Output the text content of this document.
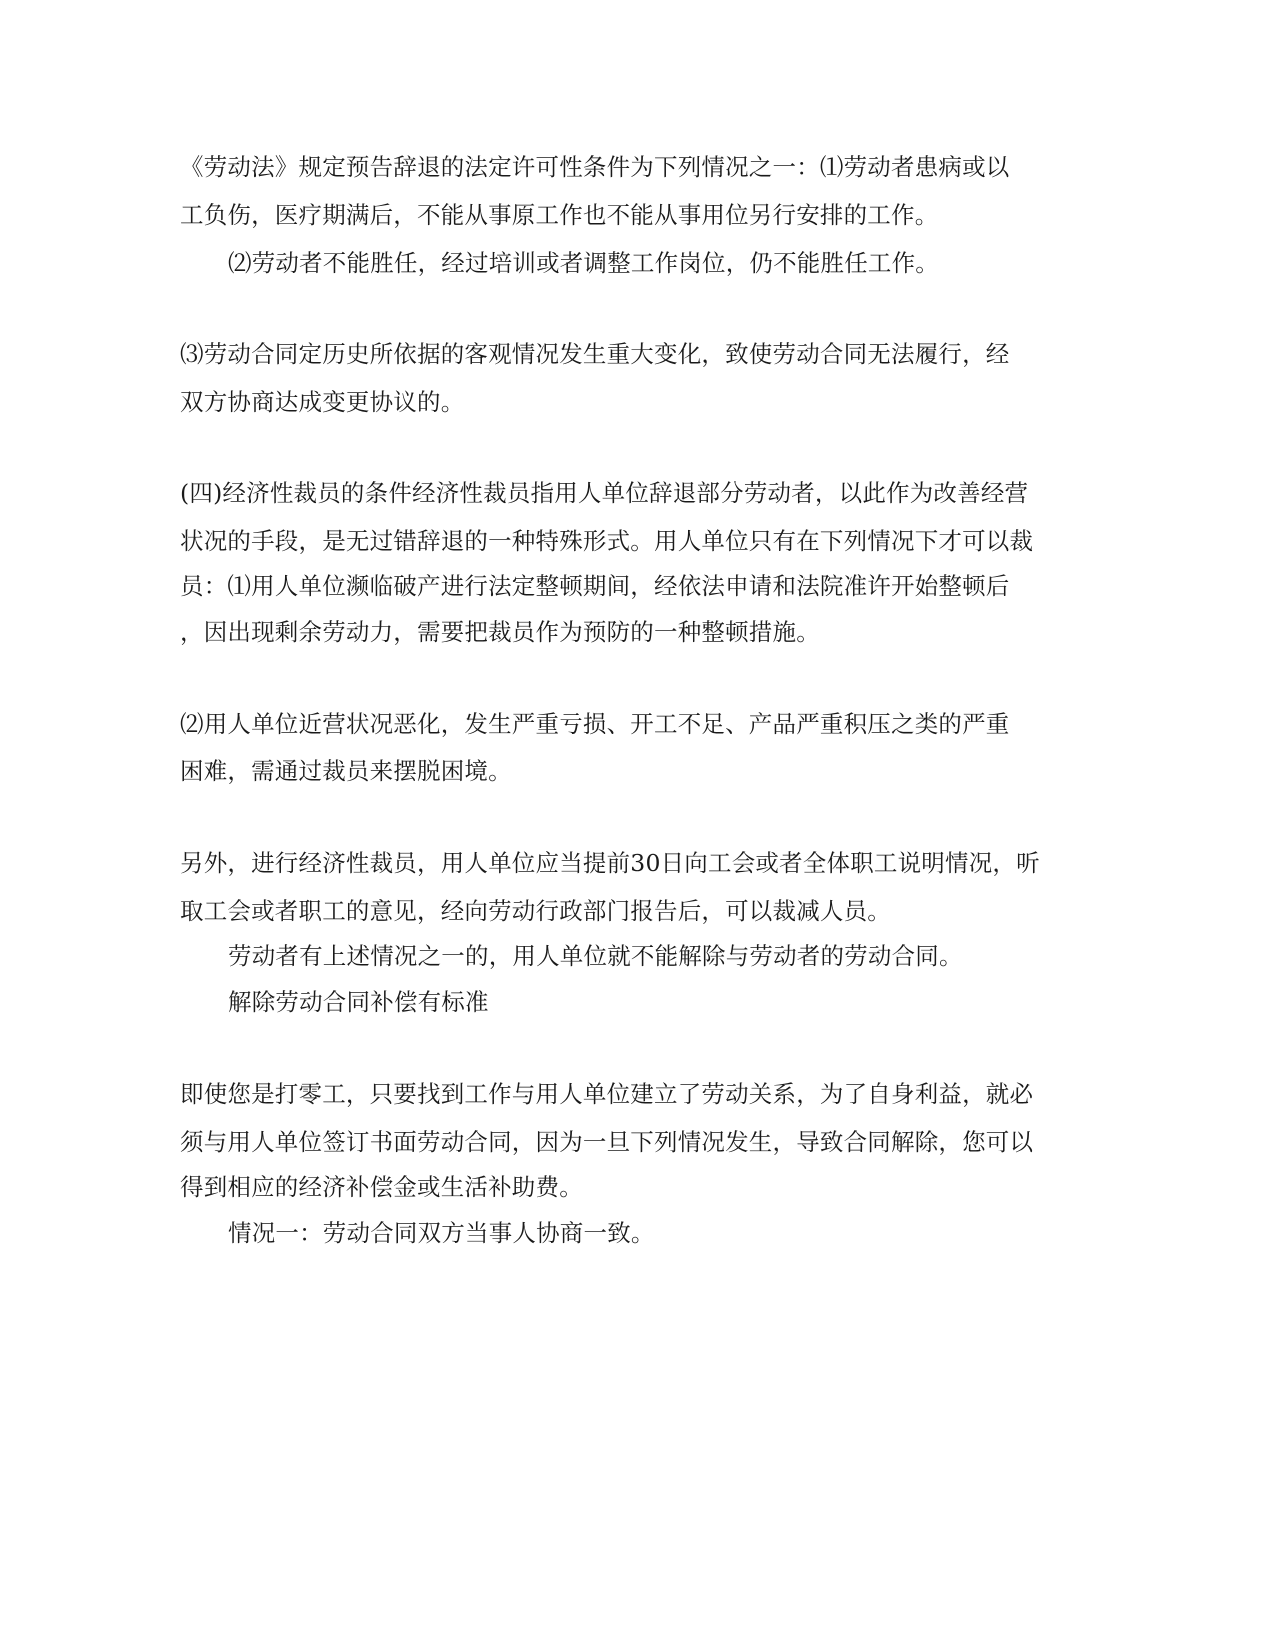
《劳动法》规定预告辞退的法定许可性条件为下列情况之一：⑴劳动者患病或以
工负伤，医疗期满后，不能从事原工作也不能从事用位另行安排的工作。
⑵劳动者不能胜任，经过培训或者调整工作岗位，仍不能胜任工作。
⑶劳动合同定历史所依据的客观情况发生重大变化，致使劳动合同无法履行，经
双方协商达成变更协议的。
(四)经济性裁员的条件经济性裁员指用人单位辞退部分劳动者，以此作为改善经营
状况的手段，是无过错辞退的一种特殊形式。用人单位只有在下列情况下才可以裁
员：⑴用人单位濒临破产进行法定整顿期间，经依法申请和法院准许开始整顿后
，因出现剩余劳动力，需要把裁员作为预防的一种整顿措施。
⑵用人单位近营状况恶化，发生严重亏损、开工不足、产品严重积压之类的严重
困难，需通过裁员来摆脱困境。
另外，进行经济性裁员，用人单位应当提前30日向工会或者全体职工说明情况，听
取工会或者职工的意见，经向劳动行政部门报告后，可以裁减人员。
劳动者有上述情况之一的，用人单位就不能解除与劳动者的劳动合同。
解除劳动合同补偿有标准
即使您是打零工，只要找到工作与用人单位建立了劳动关系，为了自身利益，就必
须与用人单位签订书面劳动合同，因为一旦下列情况发生，导致合同解除，您可以
得到相应的经济补偿金或生活补助费。
情况一：劳动合同双方当事人协商一致。
